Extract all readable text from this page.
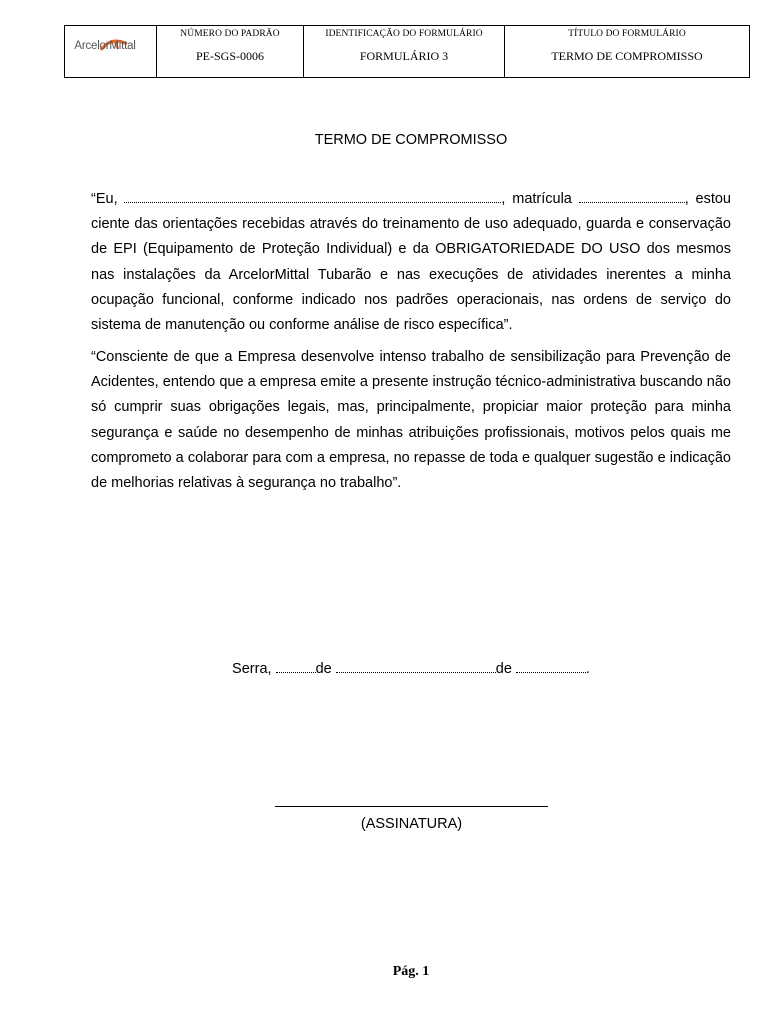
ArcelorMittal

NÚMERO DO PADRÃO
PE-SGS-0006

IDENTIFICAÇÃO DO FORMULÁRIO
FORMULÁRIO 3

TÍTULO DO FORMULÁRIO
TERMO DE COMPROMISSO
TERMO DE COMPROMISSO

“Eu,	, matrícula	, estou ciente das orientações recebidas através do treinamento de uso adequado, guarda e conservação de EPI (Equipamento de Proteção Individual) e da OBRIGATORIEDADE DO USO dos mesmos nas instalações da ArcelorMittal Tubarão e nas execuções de atividades inerentes a minha ocupação funcional, conforme indicado nos padrões operacionais, nas ordens de serviço do sistema de manutenção ou conforme análise de risco específica”.

“Consciente de que a Empresa desenvolve intenso trabalho de sensibilização para Prevenção de Acidentes, entendo que a empresa emite a presente instrução técnico-administrativa buscando não só cumprir suas obrigações legais, mas, principalmente, propiciar maior proteção para minha segurança e saúde no desempenho de minhas atribuições profissionais, motivos pelos quais me comprometo a colaborar para com a empresa, no repasse de toda e qualquer sugestão e indicação de melhorias relativas à segurança no trabalho”.

Serra,	de	de	.
(ASSINATURA)
Pág. 1
